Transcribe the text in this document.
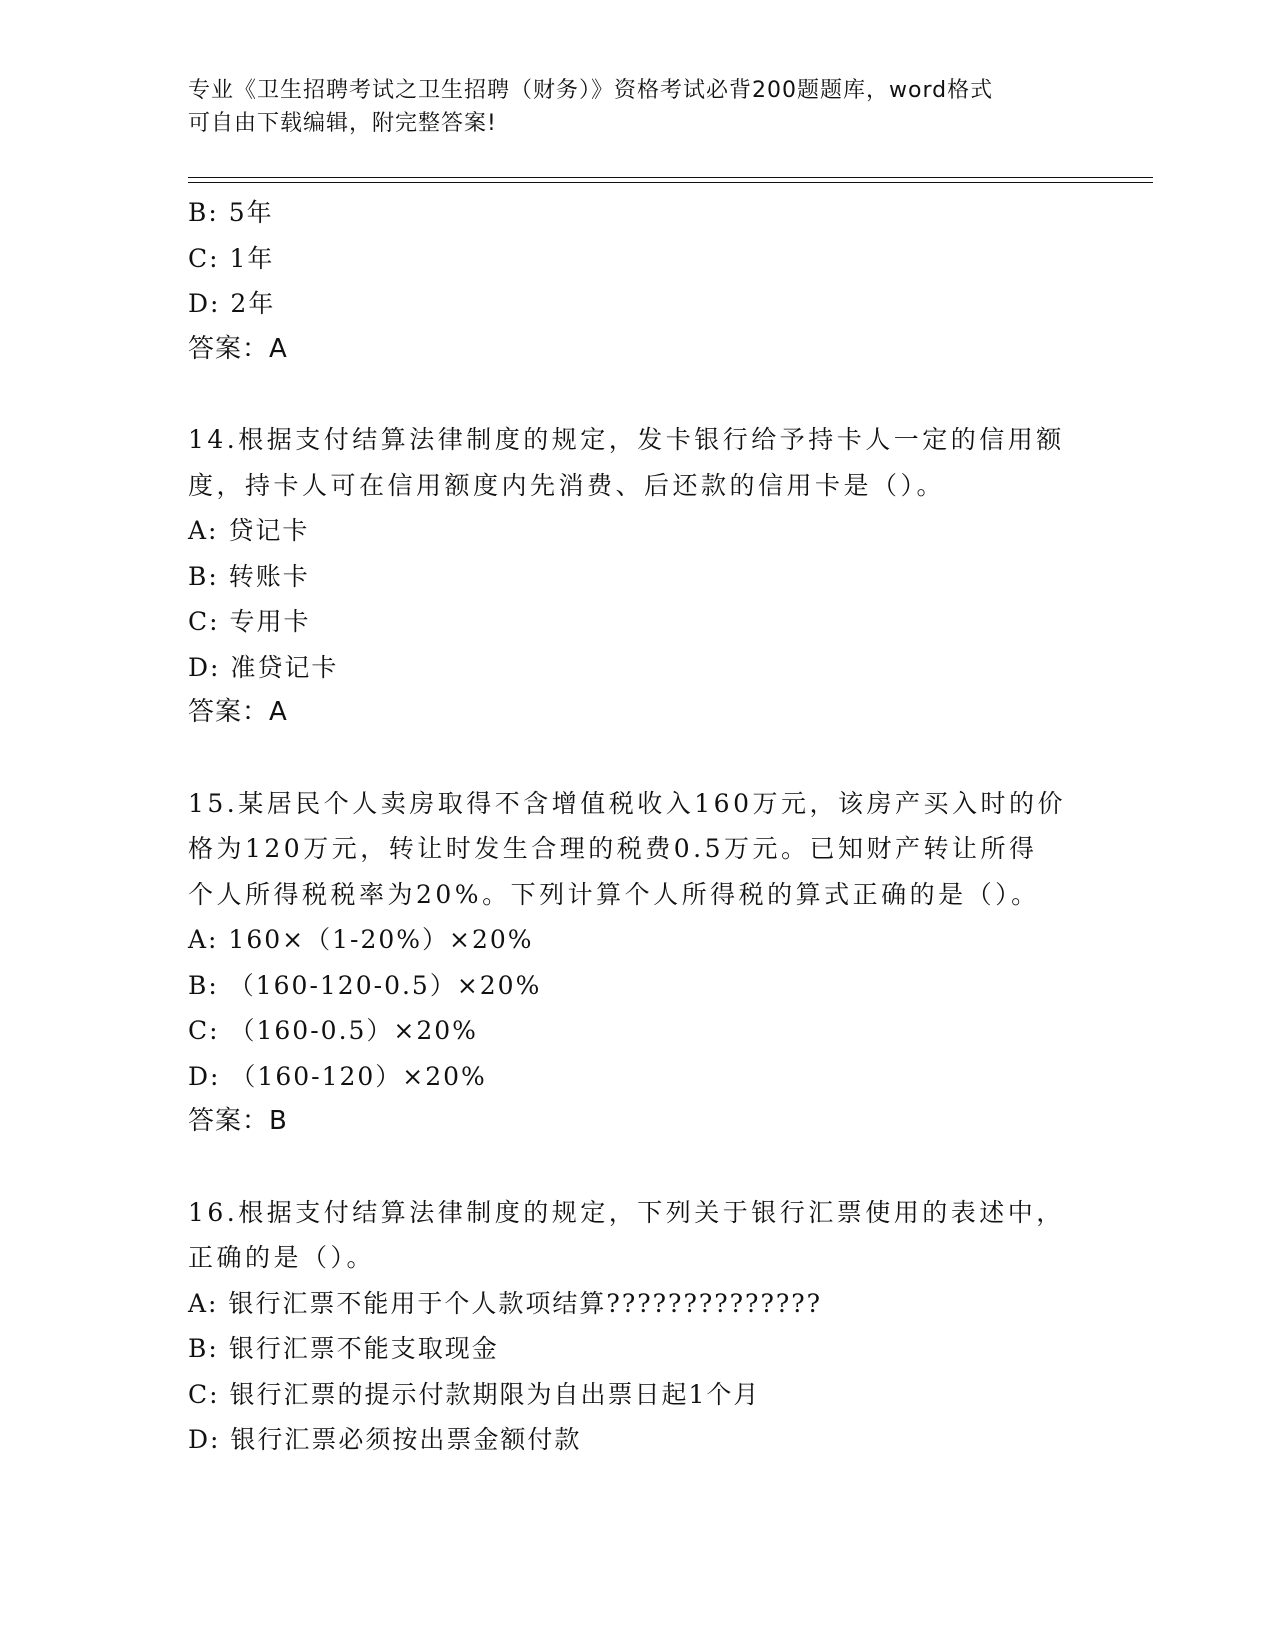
专业《卫生招聘考试之卫生招聘（财务）》资格考试必背200题题库，word格式
可自由下载编辑，附完整答案!
B: 5年
C: 1年
D: 2年
答案：A
14.根据支付结算法律制度的规定，发卡银行给予持卡人一定的信用额
度，持卡人可在信用额度内先消费、后还款的信用卡是（）。
A: 贷记卡
B: 转账卡
C: 专用卡
D: 准贷记卡
答案：A
15.某居民个人卖房取得不含增值税收入160万元，该房产买入时的价
格为120万元，转让时发生合理的税费0.5万元。已知财产转让所得
个人所得税税率为20%。下列计算个人所得税的算式正确的是（）。
A: 160×（1-20%）×20%
B: （160-120-0.5）×20%
C: （160-0.5）×20%
D: （160-120）×20%
答案：B
16.根据支付结算法律制度的规定，下列关于银行汇票使用的表述中，
正确的是（）。
A: 银行汇票不能用于个人款项结算??????????????
B: 银行汇票不能支取现金
C: 银行汇票的提示付款期限为自出票日起1个月
D: 银行汇票必须按出票金额付款
